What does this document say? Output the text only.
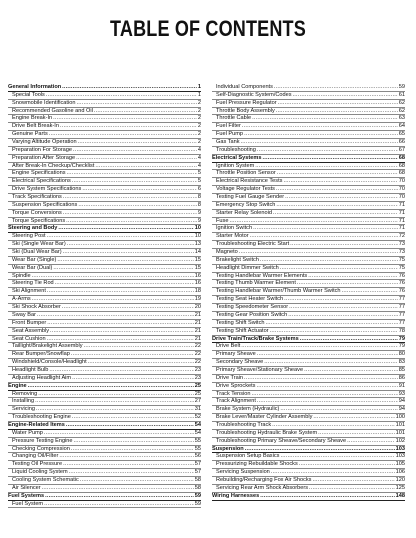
TABLE OF CONTENTS
General Information .....	1
Special Tools .....	1
Snowmobile Identification .....	2
Recommended Gasoline and Oil .....	2
Engine Break-In .....	2
Drive Belt Break-In .....	2
Genuine Parts .....	2
Varying Altitude Operation .....	2
Preparation For Storage .....	4
Preparation After Storage .....	4
After Break-In Checkup/Checklist .....	4
Engine Specifications .....	5
Electrical Specifications .....	5
Drive System Specifications .....	6
Track Specifications .....	8
Suspension Specifications .....	8
Torque Conversions .....	9
Torque Specifications .....	9
Steering and Body .....	10
Steering Post .....	10
Ski (Single Wear Bar) .....	13
Ski (Dual Wear Bar) .....	14
Wear Bar (Single) .....	15
Wear Bar (Dual) .....	15
Spindle .....	16
Steering Tie Rod .....	16
Ski Alignment .....	18
A-Arms .....	19
Ski Shock Absorber .....	20
Sway Bar .....	21
Front Bumper .....	21
Seat Assembly .....	21
Seat Cushion .....	21
Taillight/Brakelight Assembly .....	22
Rear Bumper/Snowflap .....	22
Windshield/Console/Headlight .....	22
Headlight Bulb .....	23
Adjusting Headlight Aim .....	23
Engine .....	25
Removing .....	25
Installing .....	27
Servicing .....	31
Troubleshooting Engine .....	52
Engine-Related Items .....	54
Water Pump .....	54
Pressure Testing Engine .....	55
Checking Compression .....	55
Changing Oil/Filter .....	56
Testing Oil Pressure .....	57
Liquid Cooling System .....	57
Cooling System Schematic .....	58
Air Silencer .....	58
Fuel Systems .....	59
Fuel System .....	59
Individual Components .....	59
Self-Diagnostic System/Codes .....	61
Fuel Pressure Regulator .....	62
Throttle Body Assembly .....	62
Throttle Cable .....	63
Fuel Filter .....	64
Fuel Pump .....	65
Gas Tank .....	66
Troubleshooting .....	67
Electrical Systems .....	68
Ignition System .....	68
Throttle Position Sensor .....	68
Electrical Resistance Tests .....	70
Voltage Regulator Tests .....	70
Testing Fuel Gauge Sender .....	70
Emergency Stop Switch .....	71
Starter Relay Solenoid .....	71
Fuse .....	71
Ignition Switch .....	71
Starter Motor .....	72
Troubleshooting Electric Start .....	73
Magneto .....	73
Brakelight Switch .....	75
Headlight Dimmer Switch .....	75
Testing Handlebar Warmer Elements .....	76
Testing Thumb Warmer Element .....	76
Testing Handlebar Warmer/Thumb Warmer Switch .....	76
Testing Seat Heater Switch .....	77
Testing Speedometer Sensor .....	77
Testing Gear Position Switch .....	77
Testing Shift Switch .....	77
Testing Shift Actuator .....	78
Drive Train/Track/Brake Systems .....	79
Drive Belt .....	79
Primary Sheave .....	80
Secondary Sheave .....	83
Primary Sheave/Stationary Sheave .....	85
Drive Train .....	86
Drive Sprockets .....	91
Track Tension .....	93
Track Alignment .....	94
Brake System (Hydraulic) .....	94
Brake Lever/Master Cylinder Assembly .....	100
Troubleshooting Track .....	101
Troubleshooting Hydraulic Brake System .....	101
Troubleshooting Primary Sheave/Secondary Sheave .....	102
Suspension .....	103
Suspension Setup Basics .....	103
Pressurizing Rebuildable Shocks .....	105
Servicing Suspension .....	106
Rebuilding/Recharging Fox Air Shocks .....	120
Servicing Rear Arm Shock Absorbers .....	125
Wiring Harnesses .....	148
